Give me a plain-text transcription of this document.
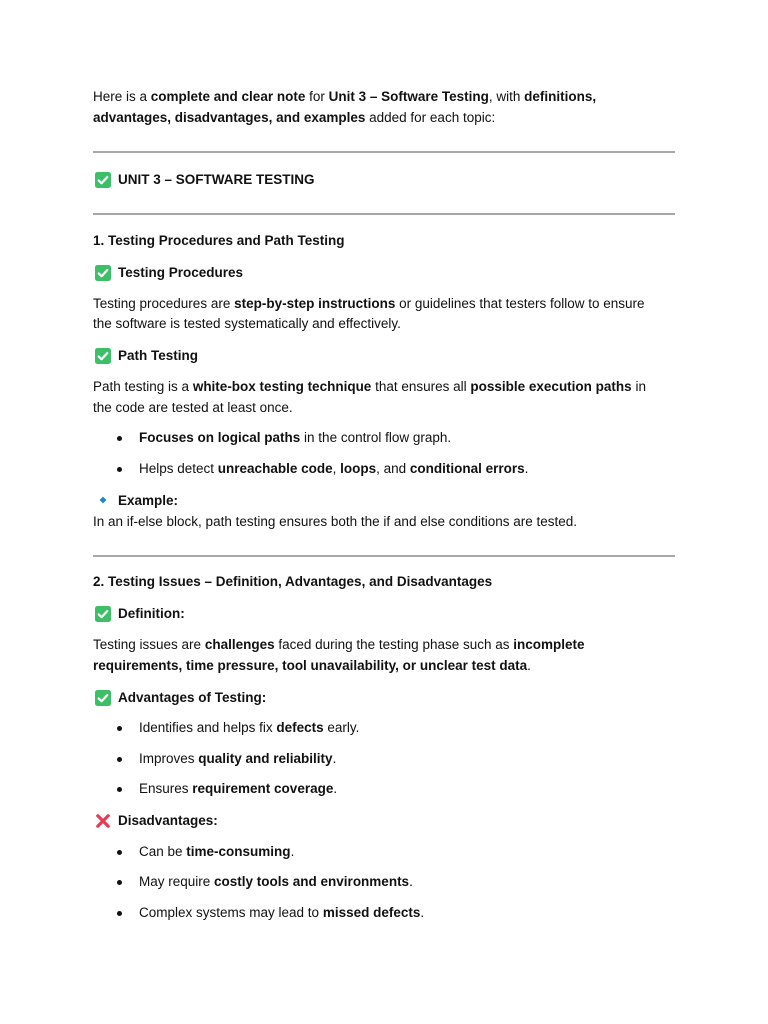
Here is a complete and clear note for Unit 3 – Software Testing, with definitions,
advantages, disadvantages, and examples added for each topic:
UNIT 3 – SOFTWARE TESTING
1. Testing Procedures and Path Testing
Testing Procedures
Testing procedures are step-by-step instructions or guidelines that testers follow to ensure
the software is tested systematically and effectively.
Path Testing
Path testing is a white-box testing technique that ensures all possible execution paths in
the code are tested at least once.
Focuses on logical paths in the control flow graph.
Helps detect unreachable code, loops, and conditional errors.
Example:
In an if-else block, path testing ensures both the if and else conditions are tested.
2. Testing Issues – Definition, Advantages, and Disadvantages
Definition:
Testing issues are challenges faced during the testing phase such as incomplete
requirements, time pressure, tool unavailability, or unclear test data.
Advantages of Testing:
Identifies and helps fix defects early.
Improves quality and reliability.
Ensures requirement coverage.
Disadvantages:
Can be time-consuming.
May require costly tools and environments.
Complex systems may lead to missed defects.
